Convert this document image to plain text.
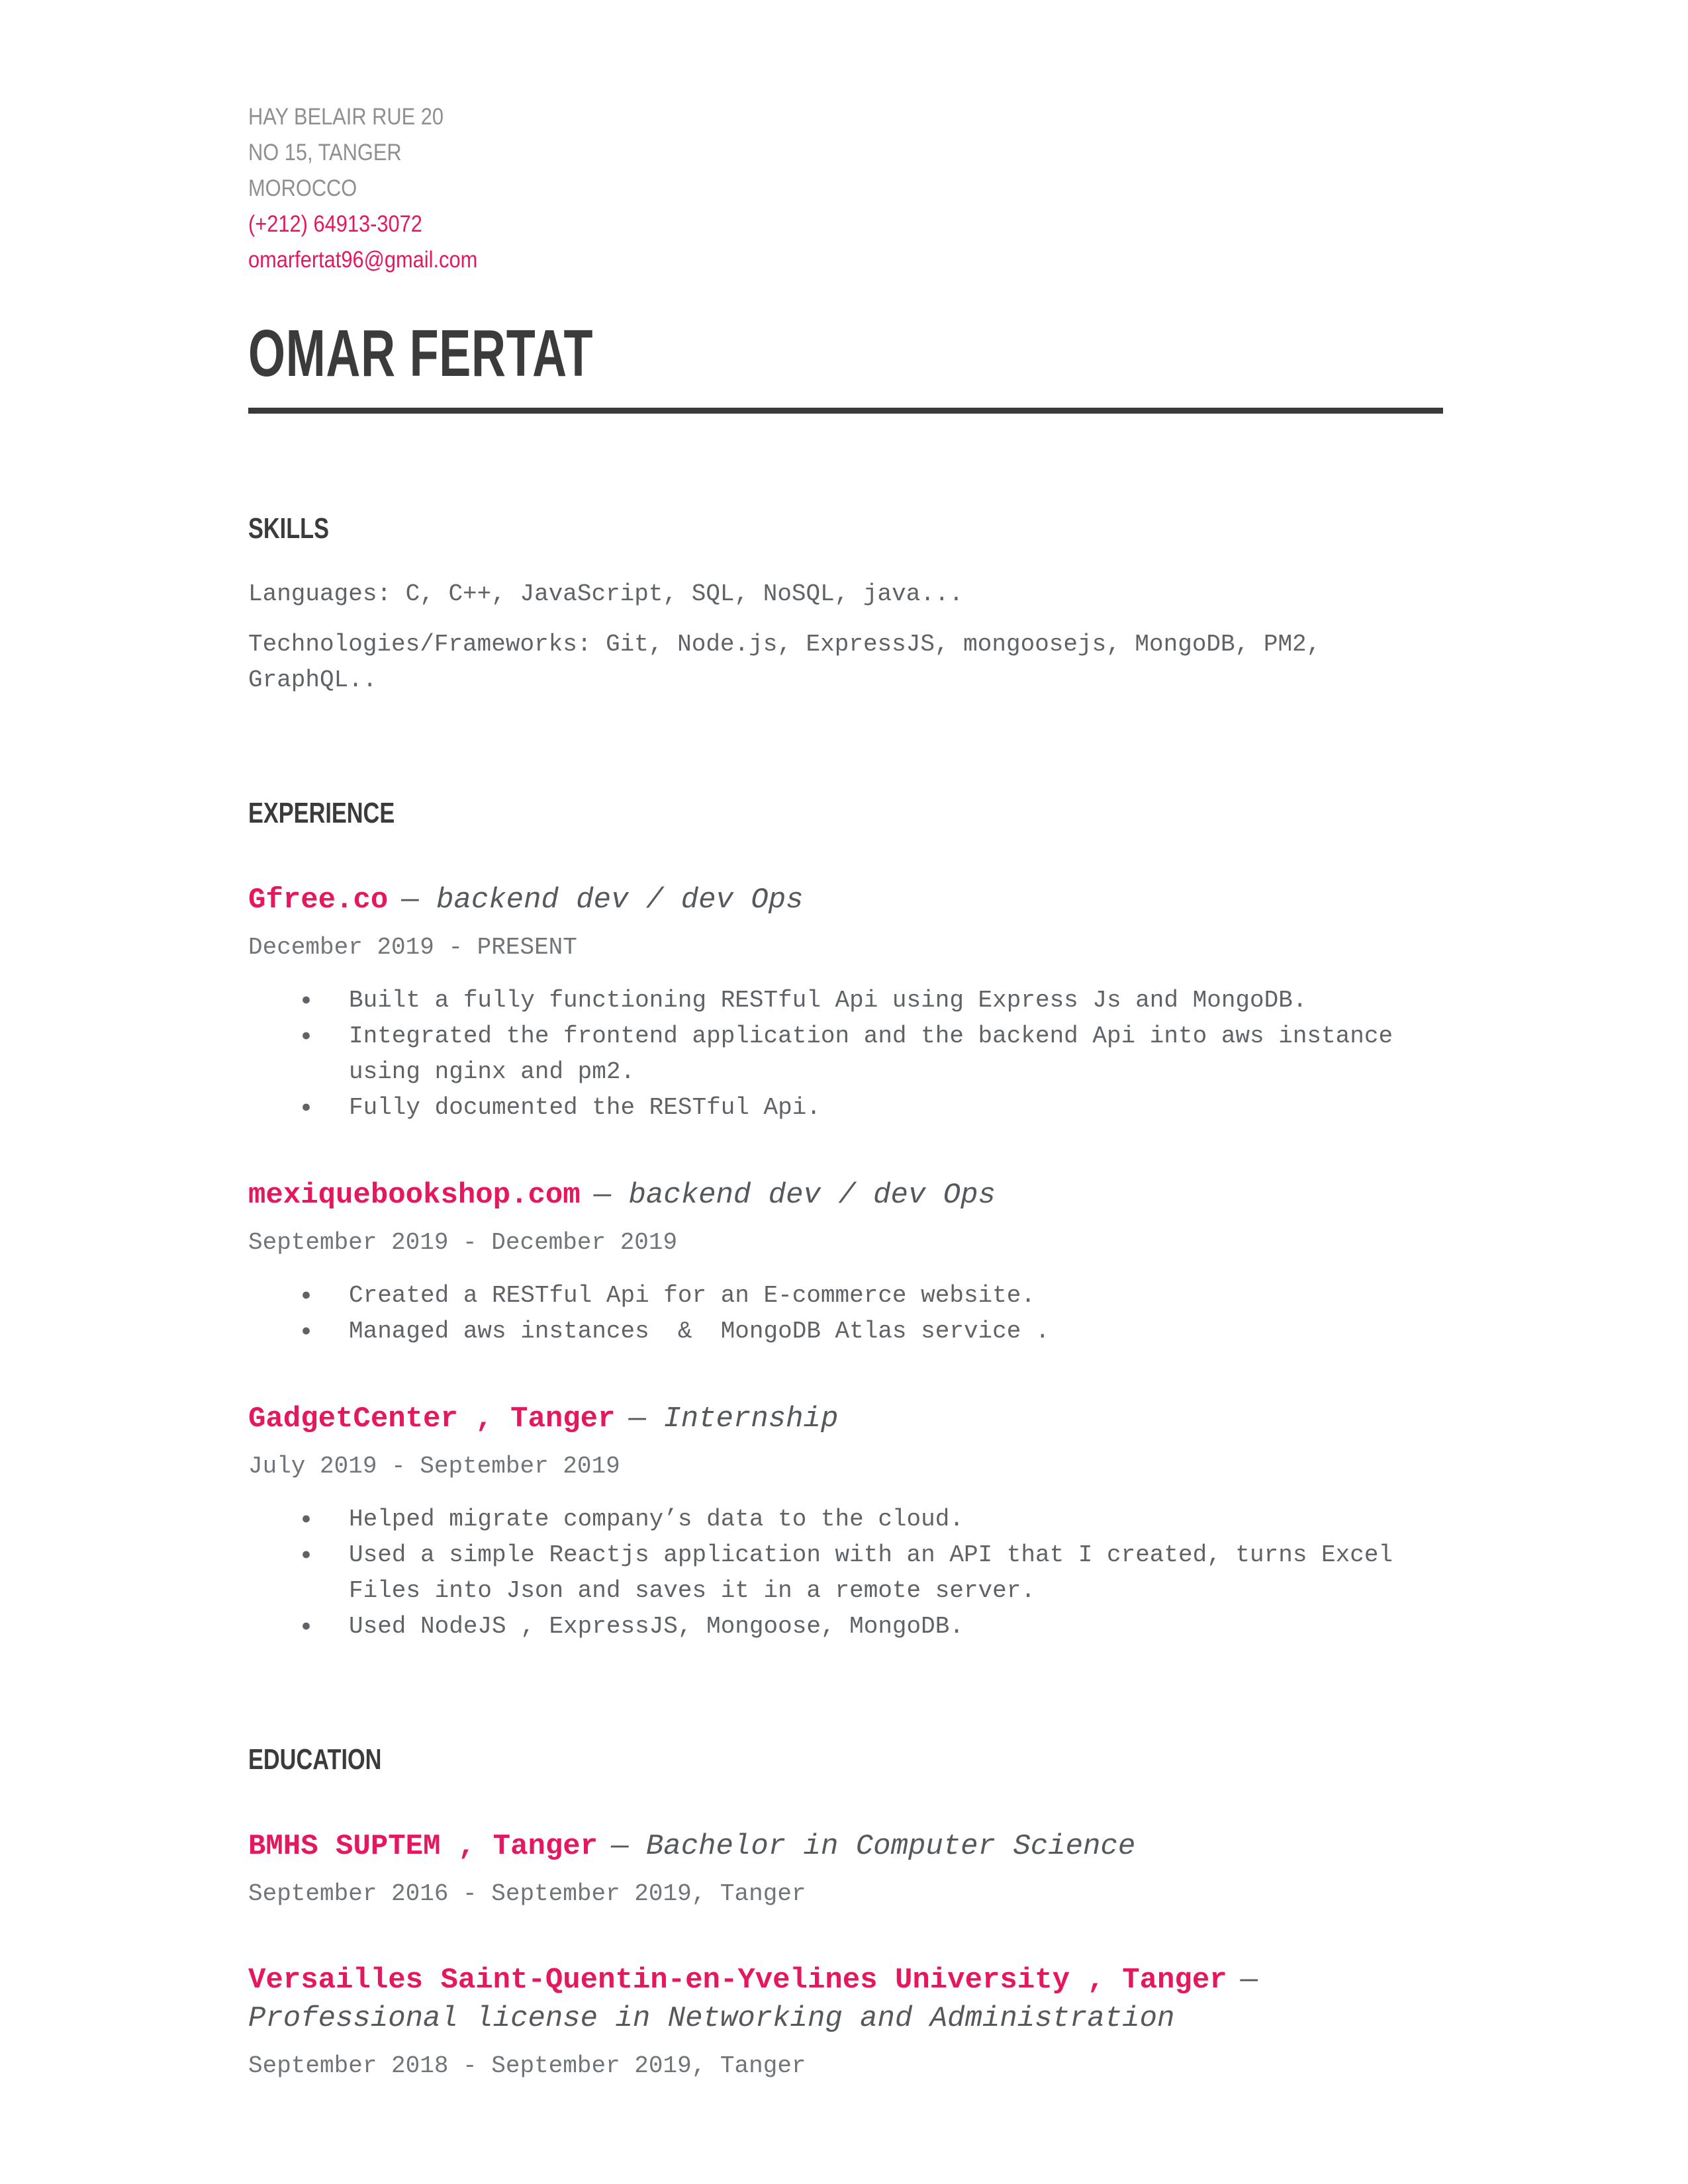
HAY BELAIR RUE 20
NO 15, TANGER
MOROCCO
(+212) 64913-3072
omarfertat96@gmail.com
OMAR FERTAT
SKILLS
Languages: C, C++, JavaScript, SQL, NoSQL, java...
Technologies/Frameworks: Git, Node.js, ExpressJS, mongoosejs, MongoDB, PM2, GraphQL..
EXPERIENCE
Gfree.co — backend dev / dev Ops
December 2019 - PRESENT
● Built a fully functioning RESTful Api using Express Js and MongoDB.
● Integrated the frontend application and the backend Api into aws instance using nginx and pm2.
● Fully documented the RESTful Api.
mexiquebookshop.com — backend dev / dev Ops
September 2019 - December 2019
● Created a RESTful Api for an E-commerce website.
● Managed aws instances  &  MongoDB Atlas service .
GadgetCenter , Tanger — Internship
July 2019 - September 2019
● Helped migrate company’s data to the cloud.
● Used a simple Reactjs application with an API that I created, turns Excel Files into Json and saves it in a remote server.
● Used NodeJS , ExpressJS, Mongoose, MongoDB.
EDUCATION
BMHS SUPTEM , Tanger — Bachelor in Computer Science
September 2016 - September 2019, Tanger
Versailles Saint-Quentin-en-Yvelines University , Tanger — Professional license in Networking and Administration
September 2018 - September 2019, Tanger
